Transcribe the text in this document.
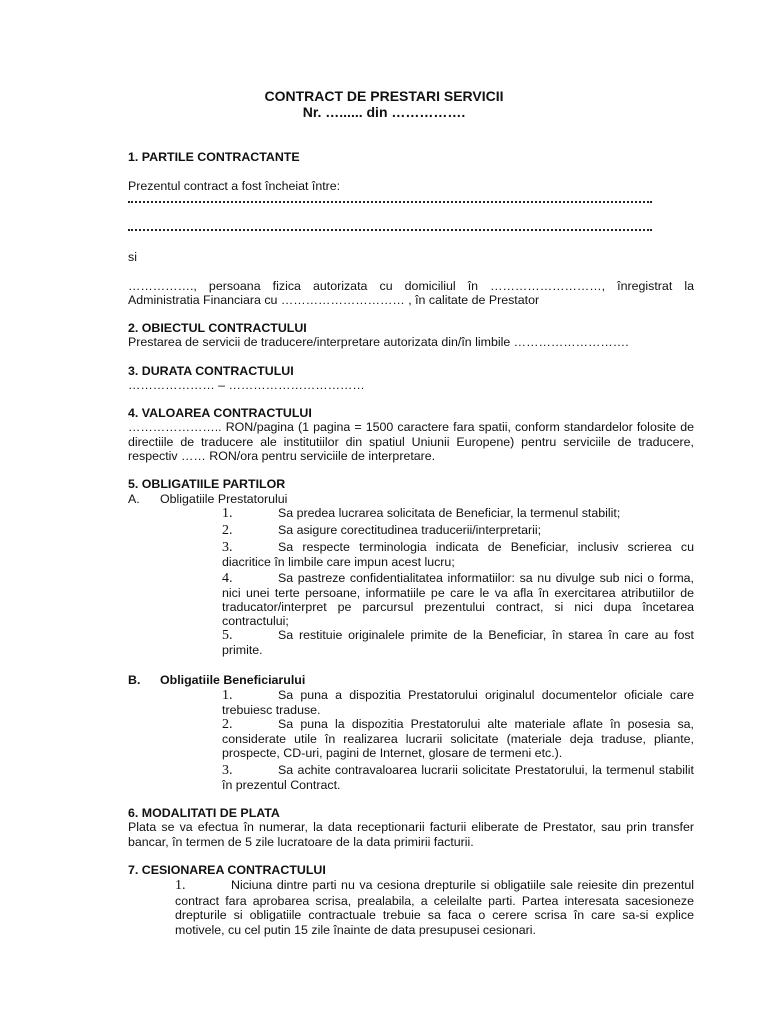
CONTRACT DE PRESTARI SERVICII
Nr. …...... din …………….
1. PARTILE CONTRACTANTE
Prezentul contract a fost încheiat între:
si
……………., persoana fizica autorizata cu domiciliul în ………………………, înregistrat la
Administratia Financiara cu ………………………… , în calitate de Prestator
2. OBIECTUL CONTRACTULUI
Prestarea de servicii de traducere/interpretare autorizata din/în limbile ……………………….
3. DURATA CONTRACTULUI
………………… – ……………………………
4. VALOAREA CONTRACTULUI
………………….. RON/pagina (1 pagina = 1500 caractere fara spatii, conform standardelor folosite de directiile de traducere ale institutiilor din spatiul Uniunii Europene) pentru serviciile de traducere, respectiv …… RON/ora pentru serviciile de interpretare.
5. OBLIGATIILE PARTILOR
A. Obligatiile Prestatorului
1.	Sa predea lucrarea solicitata de Beneficiar, la termenul stabilit;
2.	Sa asigure corectitudinea traducerii/interpretarii;
3.	Sa respecte terminologia indicata de Beneficiar, inclusiv scrierea cu diacritice în limbile care impun acest lucru;
4.	Sa pastreze confidentialitatea informatiilor: sa nu divulge sub nici o forma, nici unei terte persoane, informatiile pe care le va afla în exercitarea atributiilor de traducator/interpret pe parcursul prezentului contract, si nici dupa încetarea contractului;
5.	Sa restituie originalele primite de la Beneficiar, în starea în care au fost primite.
B. Obligatiile Beneficiarului
1.	Sa puna a dispozitia Prestatorului originalul documentelor oficiale care trebuiesc traduse.
2.	Sa puna la dispozitia Prestatorului alte materiale aflate în posesia sa, considerate utile în realizarea lucrarii solicitate (materiale deja traduse, pliante, prospecte, CD-uri, pagini de Internet, glosare de termeni etc.).
3.	Sa achite contravaloarea lucrarii solicitate Prestatorului, la termenul stabilit în prezentul Contract.
6. MODALITATI DE PLATA
Plata se va efectua în numerar, la data receptionarii facturii eliberate de Prestator, sau prin transfer bancar, în termen de 5 zile lucratoare de la data primirii facturii.
7. CESIONAREA CONTRACTULUI
1.	Niciuna dintre parti nu va cesiona drepturile si obligatiile sale reiesite din prezentul contract fara aprobarea scrisa, prealabila, a celeilalte parti. Partea interesata sacesioneze drepturile si obligatiile contractuale trebuie sa faca o cerere scrisa în care sa-si explice motivele, cu cel putin 15 zile înainte de data presupusei cesionari.
